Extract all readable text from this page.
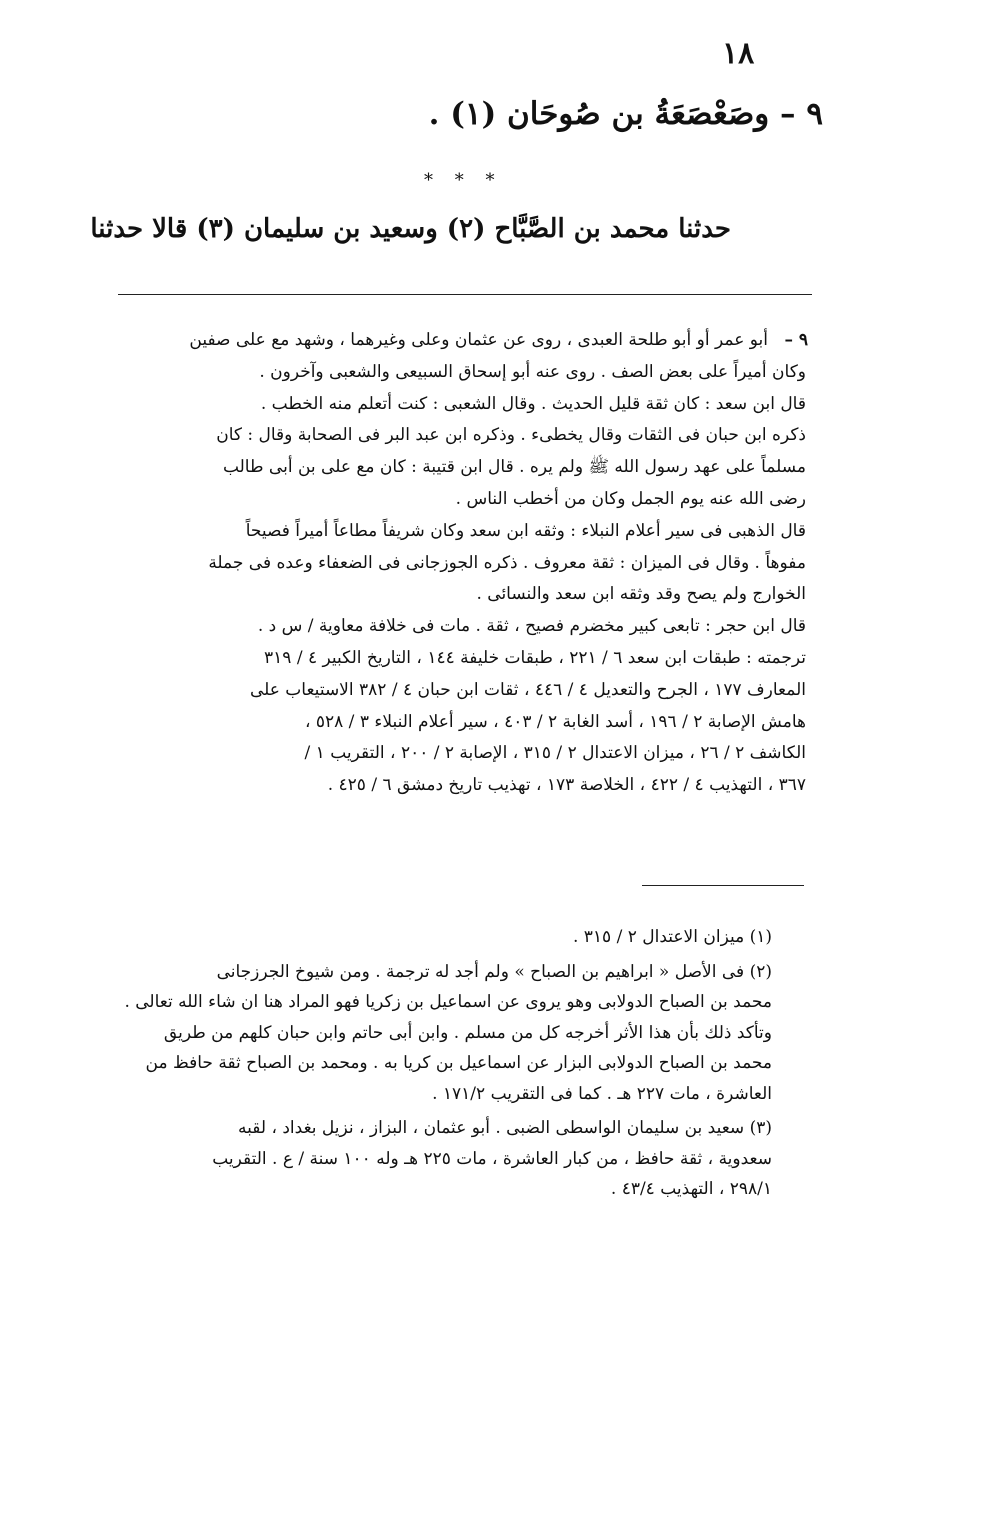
١٨
٩ – وصَعْصَعَةُ بن صُوحَان (١) .
* * *
حدثنا محمد بن الصَّبَّاح (٢) وسعيد بن سليمان (٣) قالا حدثنا
٩ –
أبو عمر أو أبو طلحة العبدى ، روى عن عثمان وعلى وغيرهما ، وشهد مع على صفين
وكان أميراً على بعض الصف . روى عنه أبو إسحاق السبيعى والشعبى وآخرون .
قال ابن سعد : كان ثقة قليل الحديث . وقال الشعبى : كنت أتعلم منه الخطب .
ذكره ابن حبان فى الثقات وقال يخطىء . وذكره ابن عبد البر فى الصحابة وقال : كان
مسلماً على عهد رسول الله ﷺ ولم يره . قال ابن قتيبة : كان مع على بن أبى طالب
رضى الله عنه يوم الجمل وكان من أخطب الناس .
قال الذهبى فى سير أعلام النبلاء : وثقه ابن سعد وكان شريفاً مطاعاً أميراً فصيحاً
مفوهاً . وقال فى الميزان : ثقة معروف . ذكره الجوزجانى فى الضعفاء وعده فى جملة
الخوارج ولم يصح وقد وثقه ابن سعد والنسائى .
قال ابن حجر : تابعى كبير مخضرم فصيح ، ثقة . مات فى خلافة معاوية / س د .
ترجمته : طبقات ابن سعد ٦ / ٢٢١ ، طبقات خليفة ١٤٤ ، التاريخ الكبير ٤ / ٣١٩
المعارف ١٧٧ ، الجرح والتعديل ٤ / ٤٤٦ ، ثقات ابن حبان ٤ / ٣٨٢ الاستيعاب على
هامش الإصابة ٢ / ١٩٦ ، أسد الغابة ٢ / ٤٠٣ ، سير أعلام النبلاء ٣ / ٥٢٨ ،
الكاشف ٢ / ٢٦ ، ميزان الاعتدال ٢ / ٣١٥ ، الإصابة ٢ / ٢٠٠ ، التقريب ١ /
٣٦٧ ، التهذيب ٤ / ٤٢٢ ، الخلاصة ١٧٣ ، تهذيب تاريخ دمشق ٦ / ٤٢٥ .
(١) ميزان الاعتدال ٢ / ٣١٥ .
(٢) فى الأصل « ابراهيم بن الصباح » ولم أجد له ترجمة . ومن شيوخ الجرزجانى
محمد بن الصباح الدولابى وهو يروى عن اسماعيل بن زكريا فهو المراد هنا ان شاء الله تعالى .
وتأكد ذلك بأن هذا الأثر أخرجه كل من مسلم . وابن أبى حاتم وابن حبان كلهم من طريق
محمد بن الصباح الدولابى البزار عن اسماعيل بن كريا به . ومحمد بن الصباح ثقة حافظ من
العاشرة ، مات ٢٢٧ هـ . كما فى التقريب ١٧١/٢ .
(٣) سعيد بن سليمان الواسطى الضبى . أبو عثمان ، البزاز ، نزيل بغداد ، لقبه
سعدوية ، ثقة حافظ ، من كبار العاشرة ، مات ٢٢٥ هـ وله ١٠٠ سنة / ع . التقريب
٢٩٨/١ ، التهذيب ٤٣/٤ .
